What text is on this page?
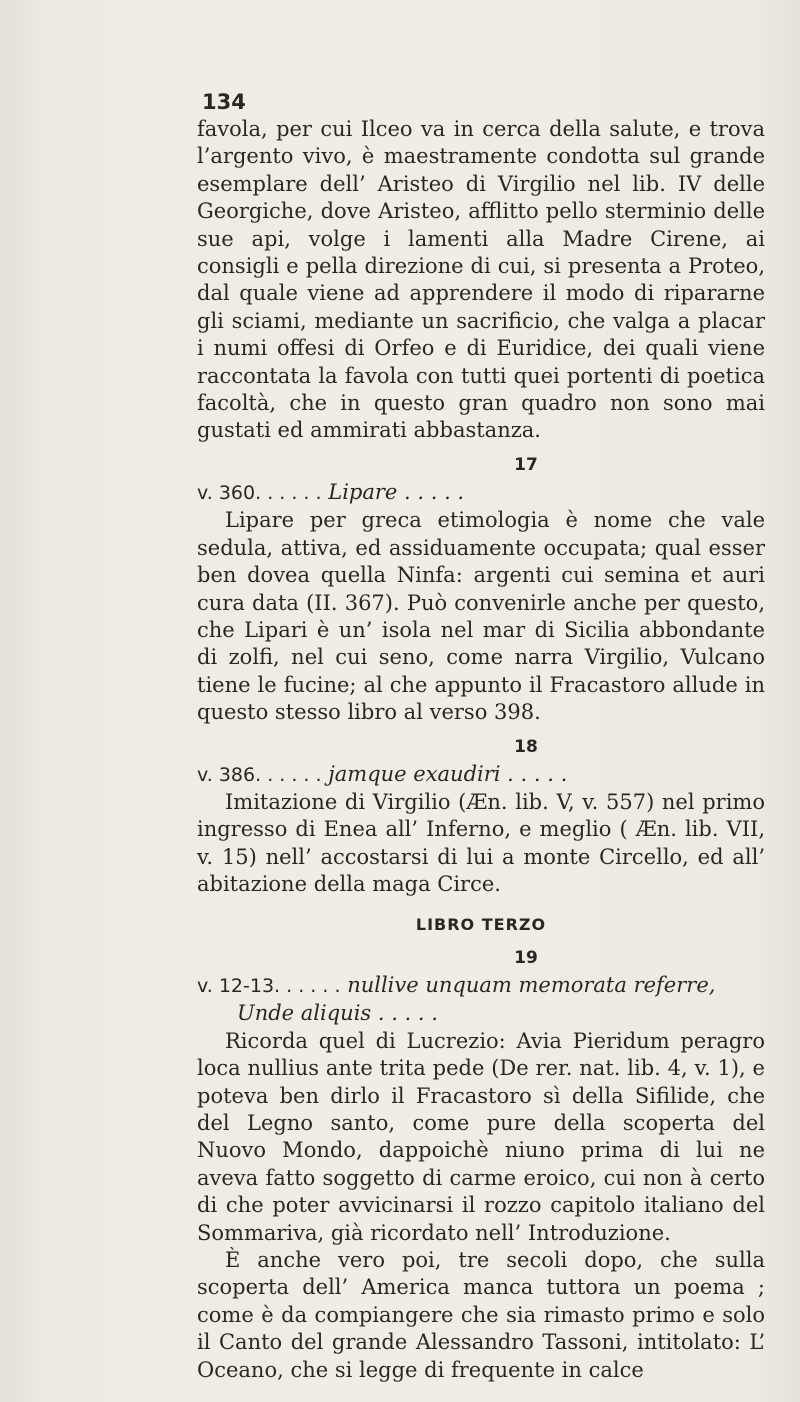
134

favola, per cui Ilceo va in cerca della salute, e trova l’argento vivo, è maestramente condotta sul grande esemplare dell’ Aristeo di Virgilio nel lib. IV delle Georgiche, dove Aristeo, afflitto pello sterminio delle sue api, volge i lamenti alla Madre Cirene, ai consigli e pella direzione di cui, si presenta a Proteo, dal quale viene ad apprendere il modo di ripararne gli sciami, mediante un sacrificio, che valga a placar i numi offesi di Orfeo e di Euridice, dei quali viene raccontata la favola con tutti quei portenti di poetica facoltà, che in questo gran quadro non sono mai gustati ed ammirati abbastanza.

17

v. 360. . . . . . Lipare . . . . .

Lipare per greca etimologia è nome che vale sedula, attiva, ed assiduamente occupata; qual esser ben dovea quella Ninfa: argenti cui semina et auri cura data (II. 367). Può convenirle anche per questo, che Lipari è un’ isola nel mar di Sicilia abbondante di zolfi, nel cui seno, come narra Virgilio, Vulcano tiene le fucine; al che appunto il Fracastoro allude in questo stesso libro al verso 398.

18

v. 386. . . . . . jamque exaudiri . . . . .

Imitazione di Virgilio (Æn. lib. V, v. 557) nel primo ingresso di Enea all’ Inferno, e meglio ( Æn. lib. VII, v. 15) nell’ accostarsi di lui a monte Circello, ed all’ abitazione della maga Circe.

LIBRO TERZO
19

v. 12-13. . . . . . nullive unquam memorata referre,

Unde aliquis . . . . .

Ricorda quel di Lucrezio: Avia Pieridum peragro loca nullius ante trita pede (De rer. nat. lib. 4, v. 1), e poteva ben dirlo il Fracastoro sì della Sifilide, che del Legno santo, come pure della scoperta del Nuovo Mondo, dappoichè niuno prima di lui ne aveva fatto soggetto di carme eroico, cui non à certo di che poter avvicinarsi il rozzo capitolo italiano del Sommariva, già ricordato nell’ Introduzione.

È anche vero poi, tre secoli dopo, che sulla scoperta dell’ America manca tuttora un poema ; come è da compiangere che sia rimasto primo e solo il Canto del grande Alessandro Tassoni, intitolato: L’ Oceano, che si legge di frequente in calce
